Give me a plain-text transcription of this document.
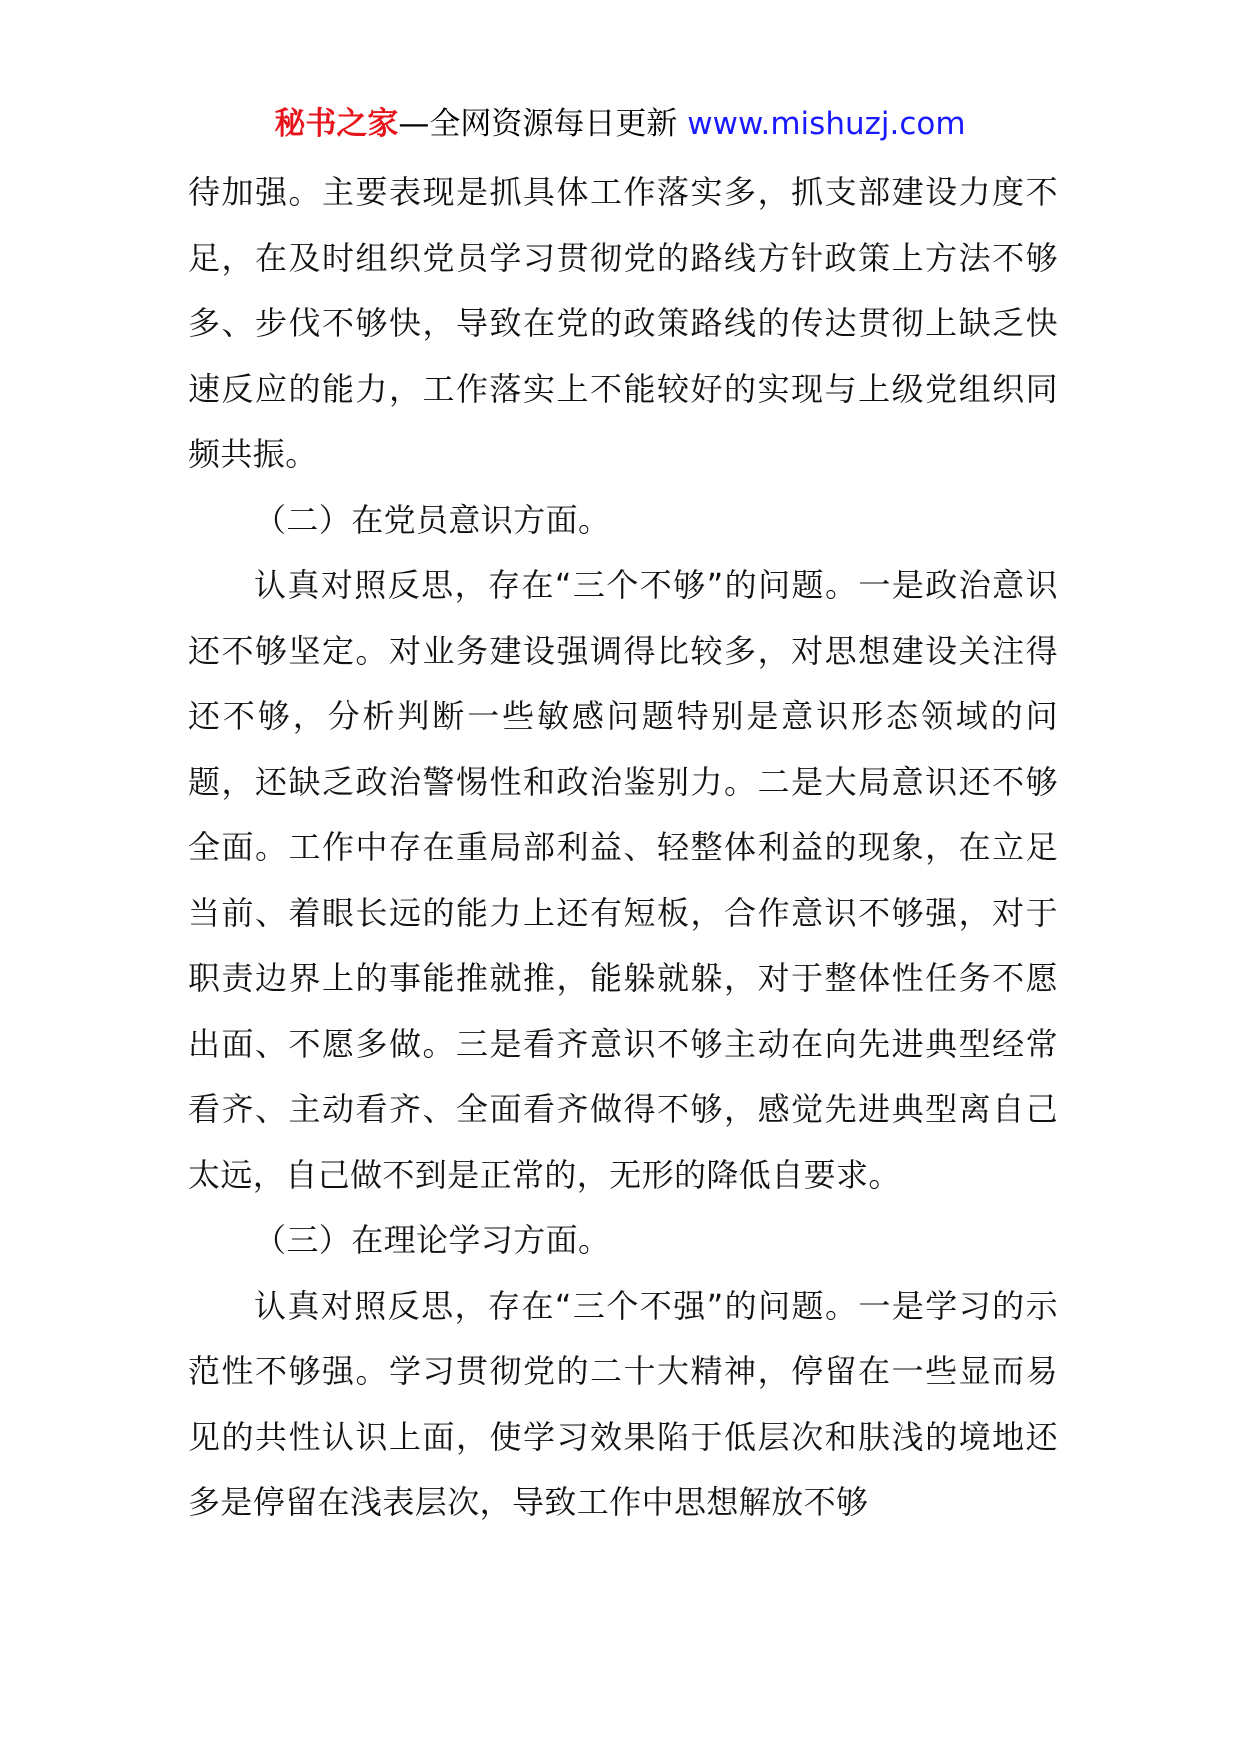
秘书之家—全网资源每日更新 www.mishuzj.com

待加强。主要表现是抓具体工作落实多，抓支部建设力度不足，在及时组织党员学习贯彻党的路线方针政策上方法不够多、步伐不够快，导致在党的政策路线的传达贯彻上缺乏快速反应的能力，工作落实上不能较好的实现与上级党组织同频共振。

（二）在党员意识方面。

认真对照反思，存在“三个不够”的问题。一是政治意识还不够坚定。对业务建设强调得比较多，对思想建设关注得还不够，分析判断一些敏感问题特别是意识形态领域的问题，还缺乏政治警惕性和政治鉴别力。二是大局意识还不够全面。工作中存在重局部利益、轻整体利益的现象，在立足当前、着眼长远的能力上还有短板，合作意识不够强，对于职责边界上的事能推就推，能躲就躲，对于整体性任务不愿出面、不愿多做。三是看齐意识不够主动在向先进典型经常看齐、主动看齐、全面看齐做得不够，感觉先进典型离自己太远，自己做不到是正常的，无形的降低自要求。

（三）在理论学习方面。

认真对照反思，存在“三个不强”的问题。一是学习的示范性不够强。学习贯彻党的二十大精神，停留在一些显而易见的共性认识上面，使学习效果陷于低层次和肤浅的境地还多是停留在浅表层次，导致工作中思想解放不够
